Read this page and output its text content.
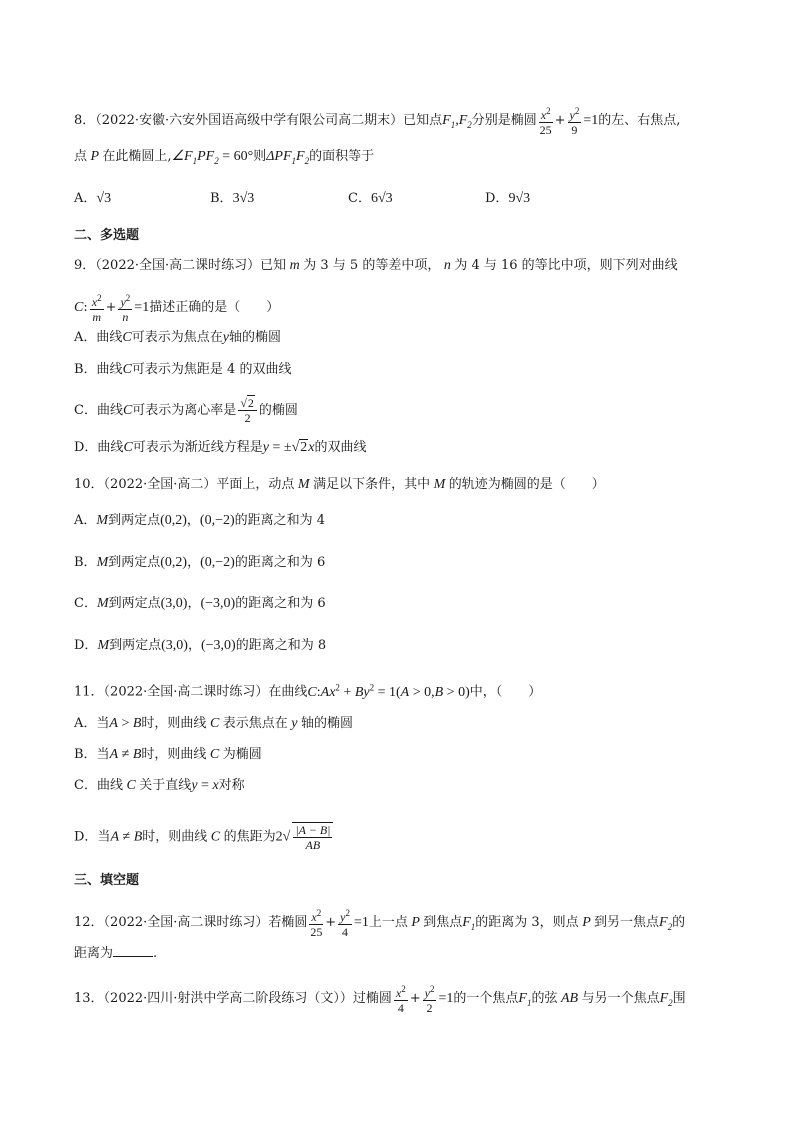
8．（2022·安徽·六安外国语高级中学有限公司高二期末）已知点$F_1,F_2$分别是椭圆 $\frac{x^2}{25} + \frac{y^2}{9} =1$的左、右焦点,
点 P 在此椭圆上$,\angle F_1PF_2 = 60^\circ$则$\Delta PF_1F_2$的面积等于
A．√3	B．3√3	C．6√3	D．9√3
二、多选题
9．（2022·全国·高二课时练习）已知 m 为 3 与 5 的等差中项， n 为 4 与 16 的等比中项，则下列对曲线
C: $\frac{x^2}{m} + \frac{y^2}{n} =1$描述正确的是（　　）
A．曲线C可表示为焦点在y轴的椭圆
B．曲线C可表示为焦距是 4 的双曲线
C．曲线C可表示为离心率是 $\frac{√2}{2}$ 的椭圆
D．曲线C可表示为渐近线方程是y = ±√2x的双曲线
10．（2022·全国·高二）平面上，动点 M 满足以下条件，其中 M 的轨迹为椭圆的是（　　）
A．M到两定点(0,2)，(0,−2)的距离之和为 4
B．M到两定点(0,2)，(0,−2)的距离之和为 6
C．M到两定点(3,0)，(−3,0)的距离之和为 6
D．M到两定点(3,0)，(−3,0)的距离之和为 8
11．（2022·全国·高二课时练习）在曲线$C:Ax^2 + By^2 = 1(A > 0,B > 0)$中，（　　）
A．当A > B时，则曲线 C 表示焦点在 y 轴的椭圆
B．当A ≠ B时，则曲线 C 为椭圆
C．曲线 C 关于直线y = x对称
D．当A ≠ B时，则曲线 C 的焦距为$2√ \frac{|A - B|}{AB}$
三、填空题
12．（2022·全国·高二课时练习）若椭圆 $\frac{x^2}{25} + \frac{y^2}{4} =1$上一点 P 到焦点$F_1$的距离为 3，则点 P 到另一焦点$F_2$的
距离为	.
13．（2022·四川·射洪中学高二阶段练习（文））过椭圆 $\frac{x^2}{4} + \frac{y^2}{2} =1$的一个焦点$F_1$的弦 AB 与另一个焦点$F_2$围
